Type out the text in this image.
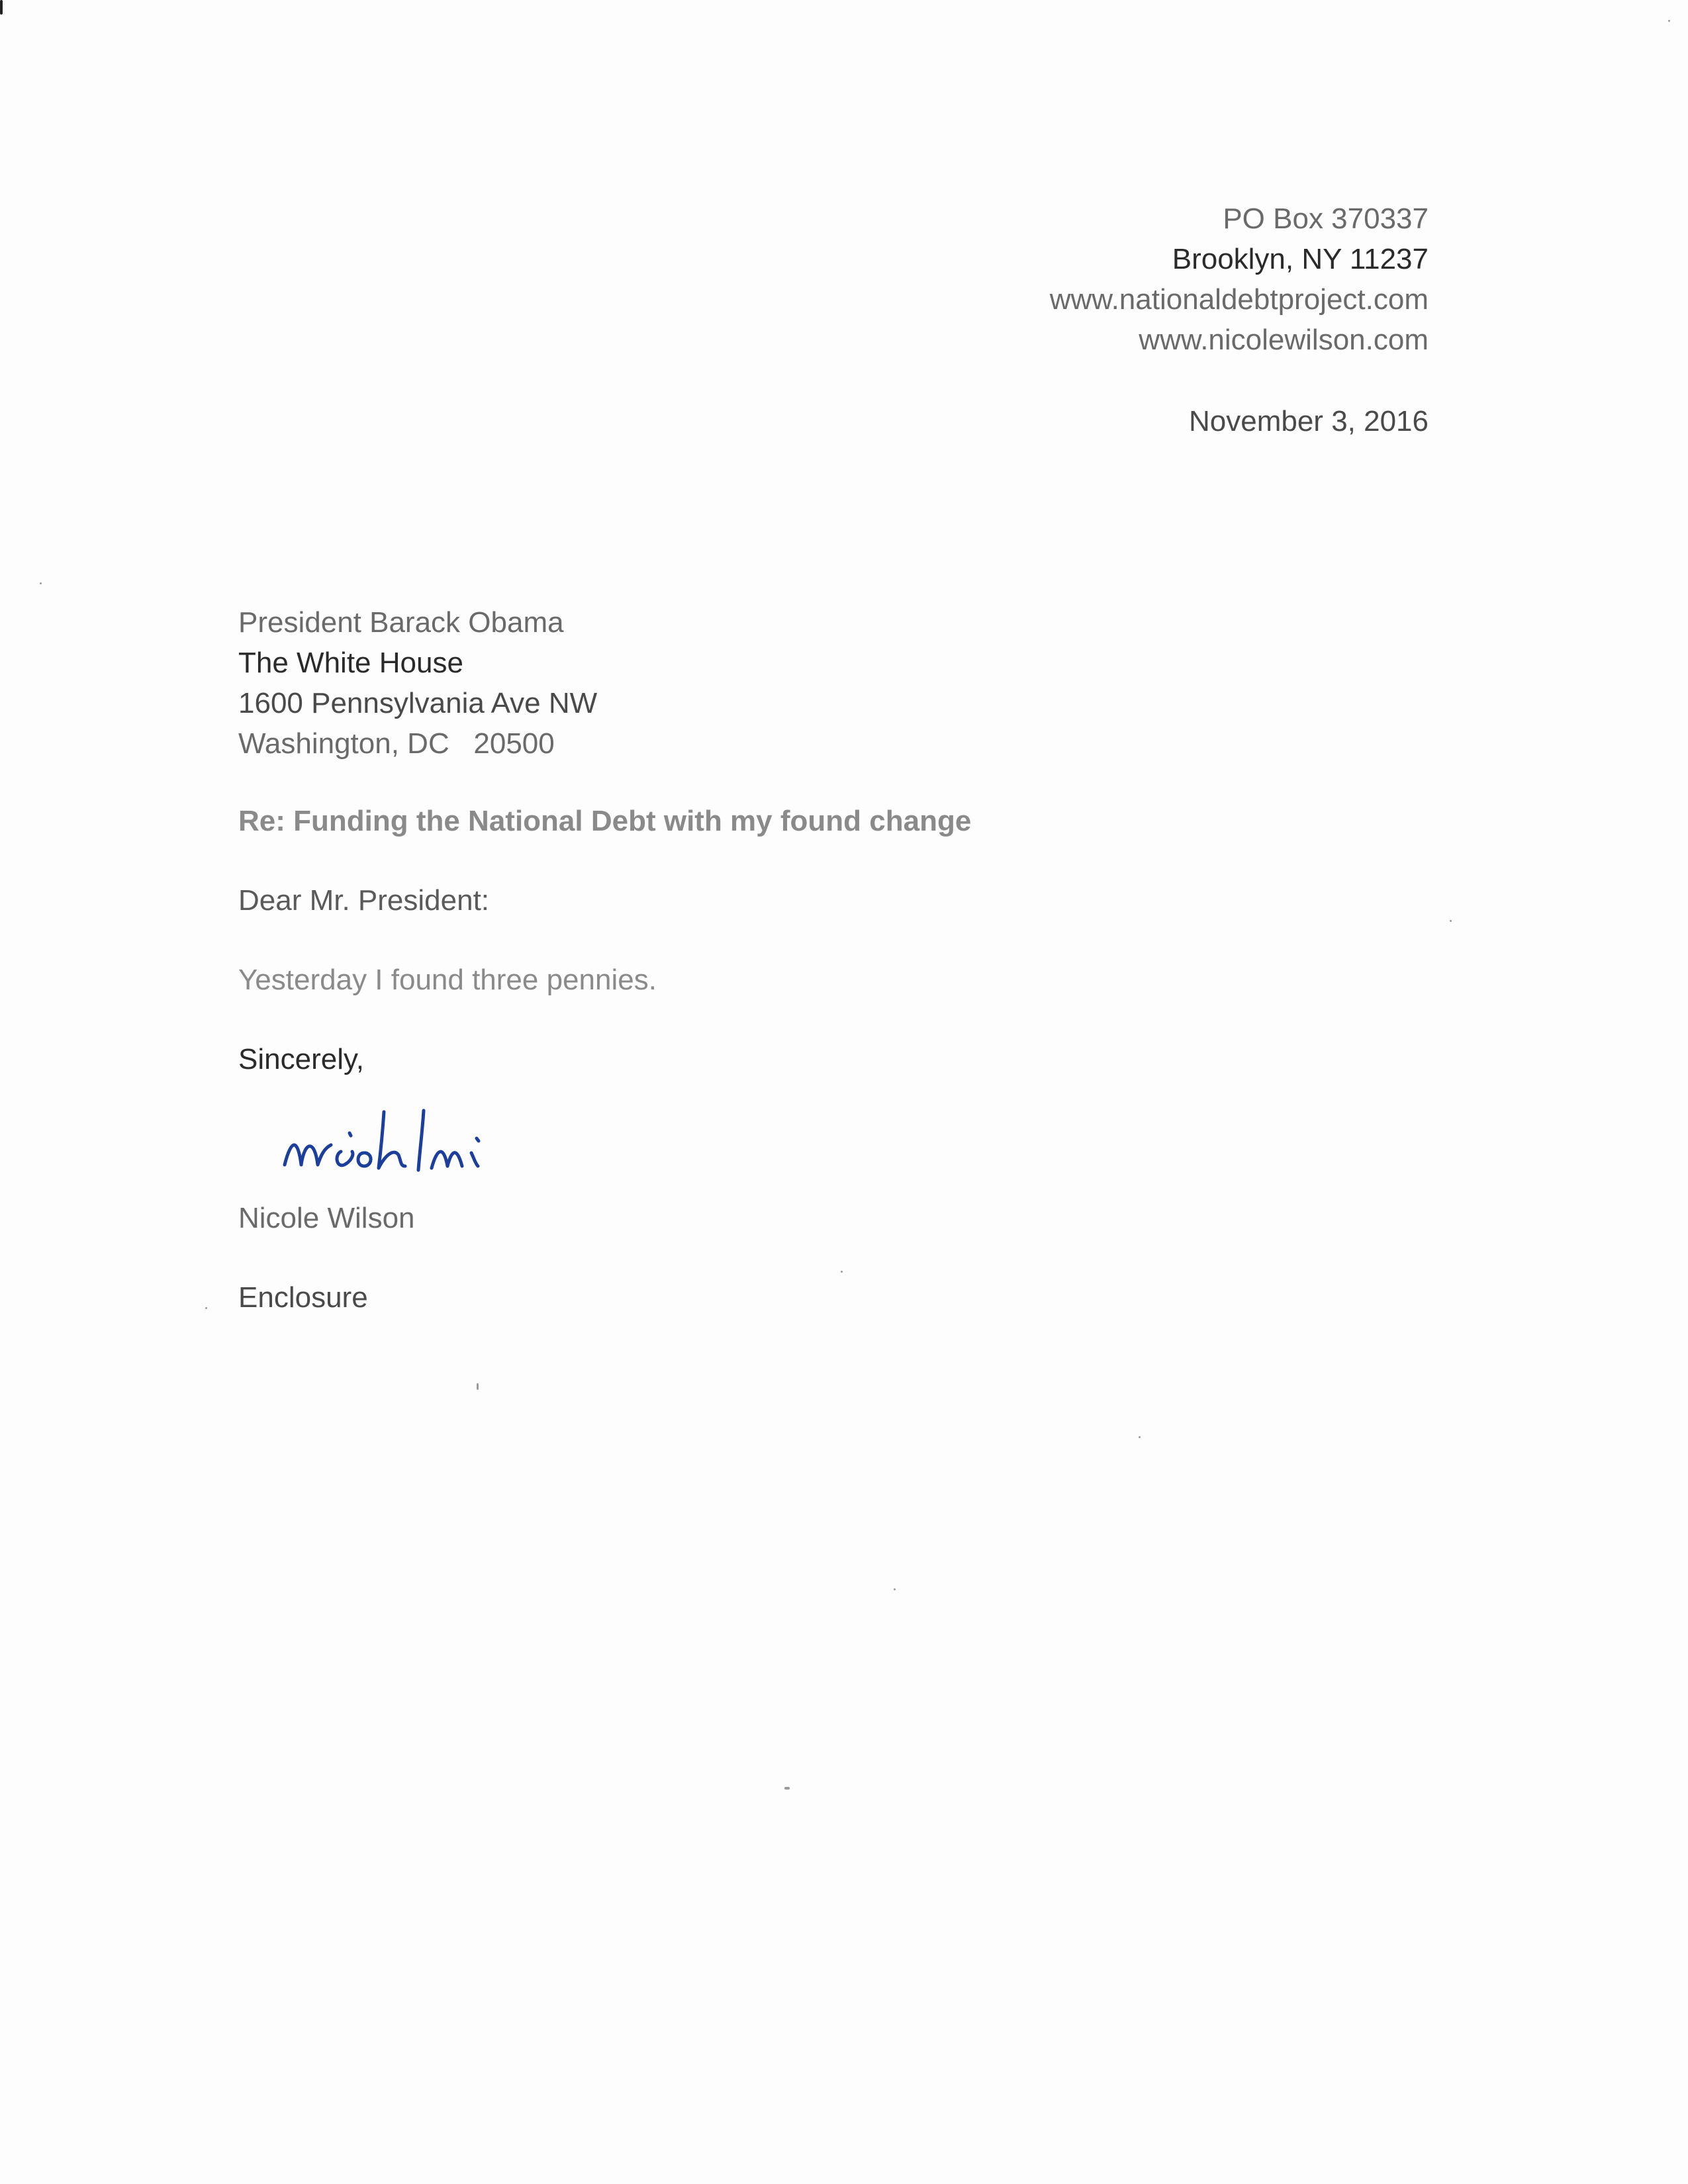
PO Box 370337
Brooklyn, NY 11237
www.nationaldebtproject.com
www.nicolewilson.com
November 3, 2016
President Barack Obama
The White House
1600 Pennsylvania Ave NW
Washington, DC   20500
Re: Funding the National Debt with my found change
Dear Mr. President:
Yesterday I found three pennies.
Sincerely,
Nicole Wilson
Enclosure
